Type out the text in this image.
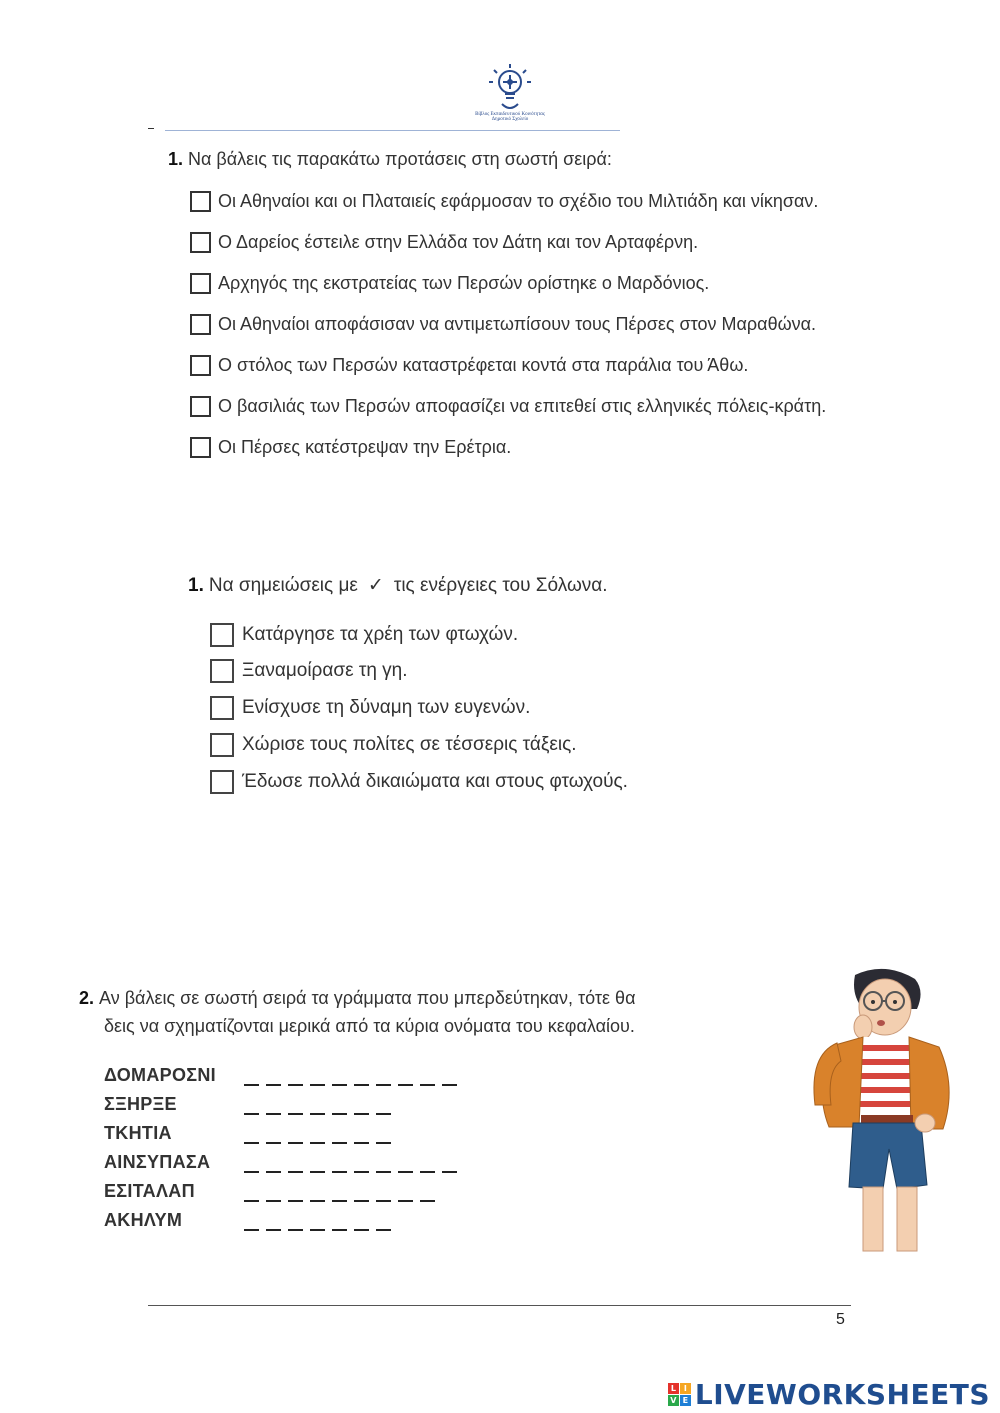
Βίβλος Εκπαιδευτικού Κοινότητας
Δημοτικό Σχολείο
1. Να βάλεις τις παρακάτω προτάσεις στη σωστή σειρά:
Οι Αθηναίοι και οι Πλαταιείς εφάρμοσαν το σχέδιο του Μιλτιάδη και νίκησαν.
Ο Δαρείος έστειλε στην Ελλάδα τον Δάτη και τον Αρταφέρνη.
Αρχηγός της εκστρατείας των Περσών ορίστηκε ο Μαρδόνιος.
Οι Αθηναίοι αποφάσισαν να αντιμετωπίσουν τους Πέρσες στον Μαραθώνα.
Ο στόλος των Περσών καταστρέφεται κοντά στα παράλια του Άθω.
Ο βασιλιάς των Περσών αποφασίζει να επιτεθεί στις ελληνικές πόλεις-κράτη.
Οι Πέρσες κατέστρεψαν την Ερέτρια.
1. Να σημειώσεις με ✓ τις ενέργειες του Σόλωνα.
Κατάργησε τα χρέη των φτωχών.
Ξαναμοίρασε τη γη.
Ενίσχυσε τη δύναμη των ευγενών.
Χώρισε τους πολίτες σε τέσσερις τάξεις.
Έδωσε πολλά δικαιώματα και στους φτωχούς.
2. Αν βάλεις σε σωστή σειρά τα γράμματα που μπερδεύτηκαν, τότε θα
δεις να σχηματίζονται μερικά από τα κύρια ονόματα του κεφαλαίου.
ΔΟΜΑΡΟΣΝΙ
ΣΞΗΡΞΕ
ΤΚΗΤΙΑ
ΑΙΝΣΥΠΑΣΑ
ΕΣΙΤΑΛΑΠ
ΑΚΗΛΥΜ
5
L I
V E LIVEWORKSHEETS
